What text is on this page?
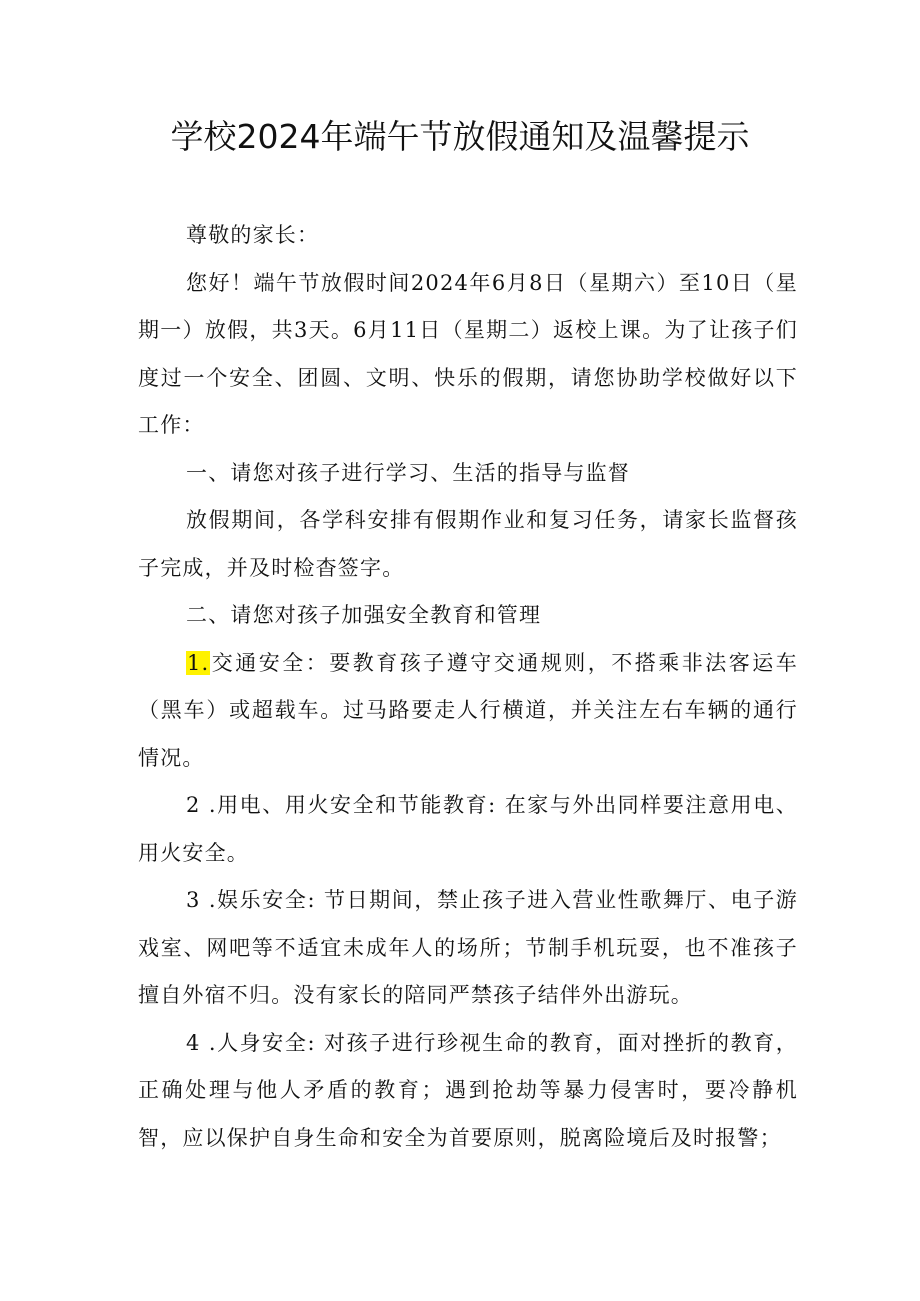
学校2024年端午节放假通知及温馨提示

尊敬的家长：

您好！端午节放假时间2024年6月8日（星期六）至10日（星期一）放假，共3天。6月11日（星期二）返校上课。为了让孩子们度过一个安全、团圆、文明、快乐的假期，请您协助学校做好以下工作：

一、请您对孩子进行学习、生活的指导与监督

放假期间，各学科安排有假期作业和复习任务，请家长监督孩子完成，并及时检杳签字。

二、请您对孩子加强安全教育和管理

1.交通安全：要教育孩子遵守交通规则，不搭乘非法客运车（黑车）或超载车。过马路要走人行横道，并关注左右车辆的通行情况。

2 .用电、用火安全和节能教育: 在家与外出同样要注意用电、用火安全。

3 .娱乐安全: 节日期间，禁止孩子进入营业性歌舞厅、电子游戏室、网吧等不适宜未成年人的场所；节制手机玩耍，也不准孩子擅自外宿不归。没有家长的陪同严禁孩子结伴外出游玩。

4 .人身安全: 对孩子进行珍视生命的教育，面对挫折的教育，正确处理与他人矛盾的教育；遇到抢劫等暴力侵害时，要冷静机智，应以保护自身生命和安全为首要原则，脱离险境后及时报警；
